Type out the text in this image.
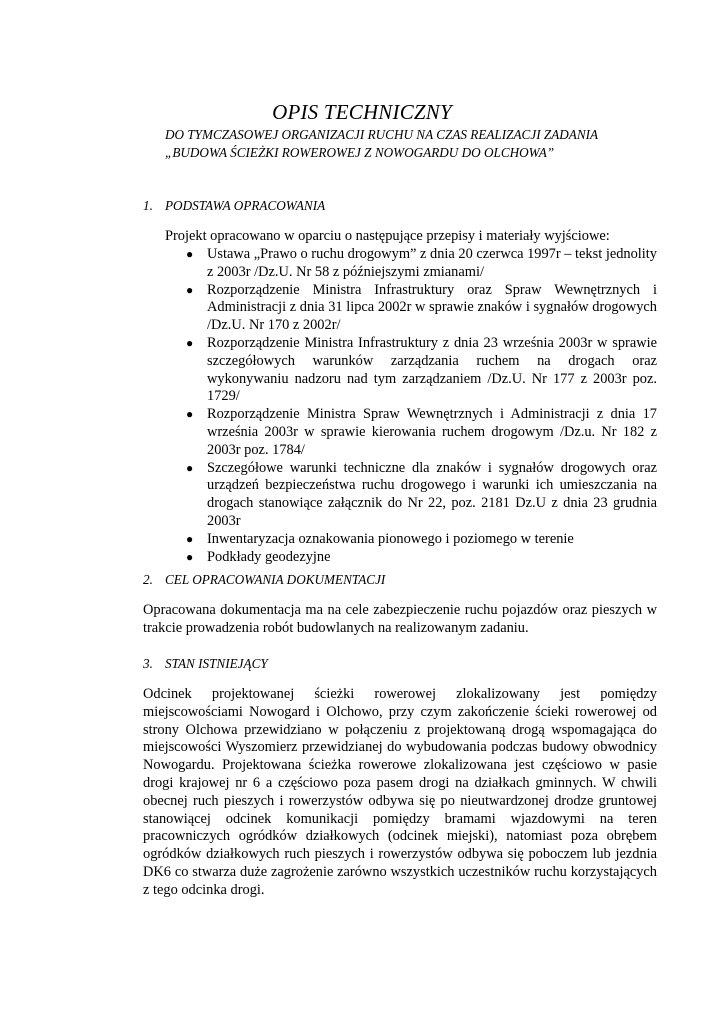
OPIS TECHNICZNY
DO TYMCZASOWEJ ORGANIZACJI RUCHU NA CZAS REALIZACJI ZADANIA
„BUDOWA ŚCIEŻKI ROWEROWEJ Z NOWOGARDU DO OLCHOWA”
1. PODSTAWA OPRACOWANIA
Projekt opracowano w oparciu o następujące przepisy i materiały wyjściowe:
● Ustawa „Prawo o ruchu drogowym” z dnia 20 czerwca 1997r – tekst jednolity z 2003r /Dz.U. Nr 58 z późniejszymi zmianami/
● Rozporządzenie Ministra Infrastruktury oraz Spraw Wewnętrznych i Administracji z dnia 31 lipca 2002r w sprawie znaków i sygnałów drogowych /Dz.U. Nr 170 z 2002r/
● Rozporządzenie Ministra Infrastruktury z dnia 23 września 2003r w sprawie szczegółowych warunków zarządzania ruchem na drogach oraz wykonywaniu nadzoru nad tym zarządzaniem /Dz.U. Nr 177 z 2003r poz. 1729/
● Rozporządzenie Ministra Spraw Wewnętrznych i Administracji z dnia 17 września 2003r w sprawie kierowania ruchem drogowym /Dz.u. Nr 182 z 2003r poz. 1784/
● Szczegółowe warunki techniczne dla znaków i sygnałów drogowych oraz urządzeń bezpieczeństwa ruchu drogowego i warunki ich umieszczania na drogach stanowiące załącznik do Nr 22, poz. 2181 Dz.U z dnia 23 grudnia 2003r
● Inwentaryzacja oznakowania pionowego i poziomego w terenie
● Podkłady geodezyjne
2. CEL OPRACOWANIA DOKUMENTACJI
Opracowana dokumentacja ma na cele zabezpieczenie ruchu pojazdów oraz pieszych w trakcie prowadzenia robót budowlanych na realizowanym zadaniu.
3. STAN ISTNIEJĄCY
Odcinek projektowanej ścieżki rowerowej zlokalizowany jest pomiędzy miejscowościami Nowogard i Olchowo, przy czym zakończenie ścieki rowerowej od strony Olchowa przewidziano w połączeniu z projektowaną drogą wspomagająca do miejscowości Wyszomierz przewidzianej do wybudowania podczas budowy obwodnicy Nowogardu. Projektowana ścieżka rowerowe zlokalizowana jest częściowo w pasie drogi krajowej nr 6 a częściowo poza pasem drogi na działkach gminnych. W chwili obecnej ruch pieszych i rowerzystów odbywa się po nieutwardzonej drodze gruntowej stanowiącej odcinek komunikacji pomiędzy bramami wjazdowymi na teren pracowniczych ogródków działkowych (odcinek miejski), natomiast poza obrębem ogródków działkowych ruch pieszych i rowerzystów odbywa się poboczem lub jezdnia DK6 co stwarza duże zagrożenie zarówno wszystkich uczestników ruchu korzystających z tego odcinka drogi.
